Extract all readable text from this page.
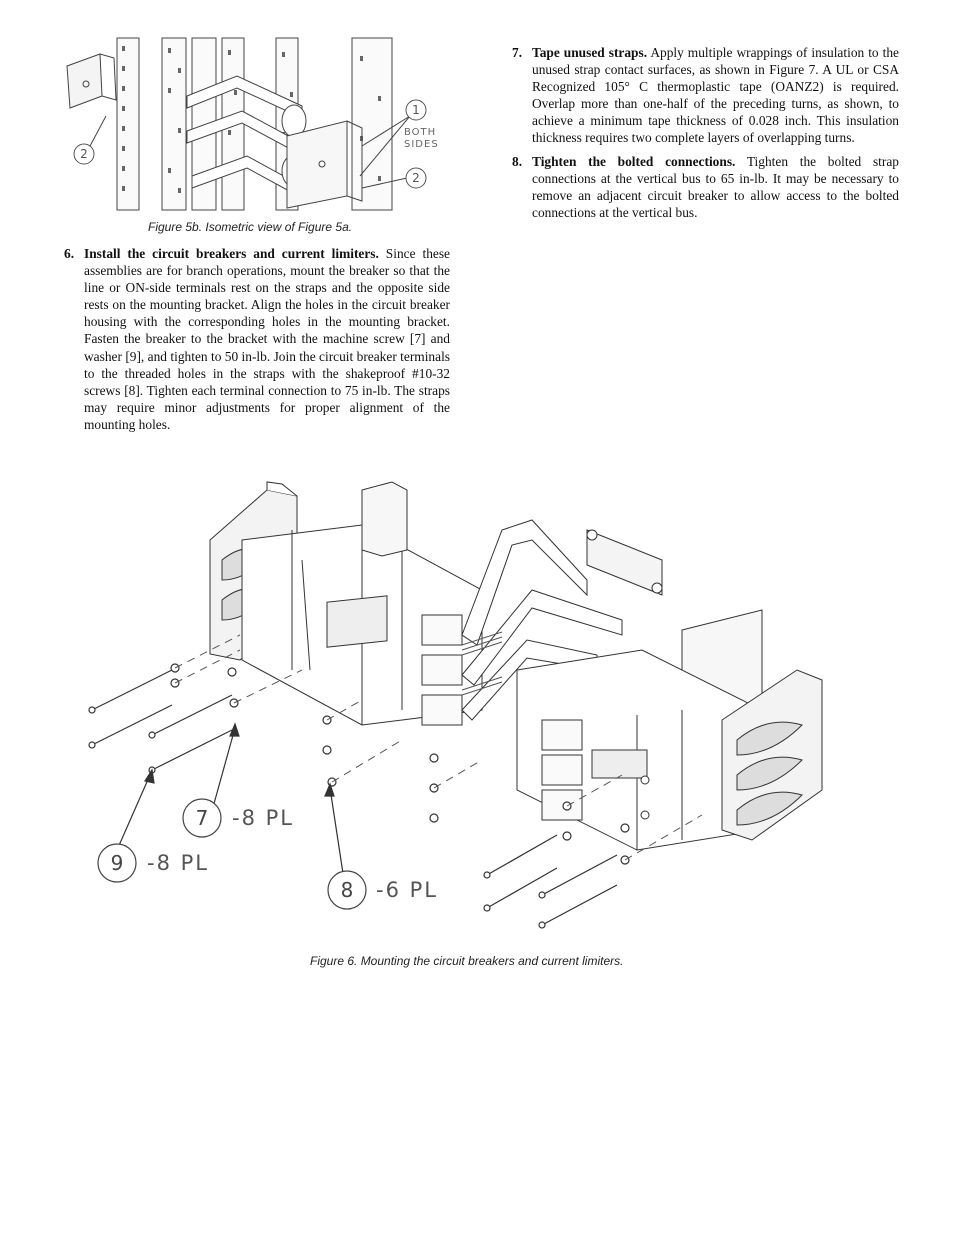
2
1
2
BOTH
SIDES
Figure 5b. Isometric view of Figure 5a.

6. Install the circuit breakers and current limiters. Since these assemblies are for branch operations, mount the breaker so that the line or ON-side terminals rest on the straps and the opposite side rests on the mounting bracket. Align the holes in the circuit breaker housing with the corresponding holes in the mounting bracket. Fasten the breaker to the bracket with the machine screw [7] and washer [9], and tighten to 50 in-lb. Join the circuit breaker terminals to the threaded holes in the straps with the shakeproof #10-32 screws [8]. Tighten each terminal connection to 75 in-lb. The straps may require minor adjustments for proper alignment of the mounting holes.

7. Tape unused straps. Apply multiple wrappings of insulation to the unused strap contact surfaces, as shown in Figure 7. A UL or CSA Recognized 105° C thermoplastic tape (OANZ2) is required. Overlap more than one-half of the preceding turns, as shown, to achieve a minimum tape thickness of 0.028 inch. This insulation thickness requires two complete layers of overlapping turns.

8. Tighten the bolted connections. Tighten the bolted strap connections at the vertical bus to 65 in-lb. It may be necessary to remove an adjacent circuit breaker to allow access to the bolted connections at the vertical bus.

7
9
8
-8 PL
-8 PL
-6 PL
Figure 6. Mounting the circuit breakers and current limiters.
